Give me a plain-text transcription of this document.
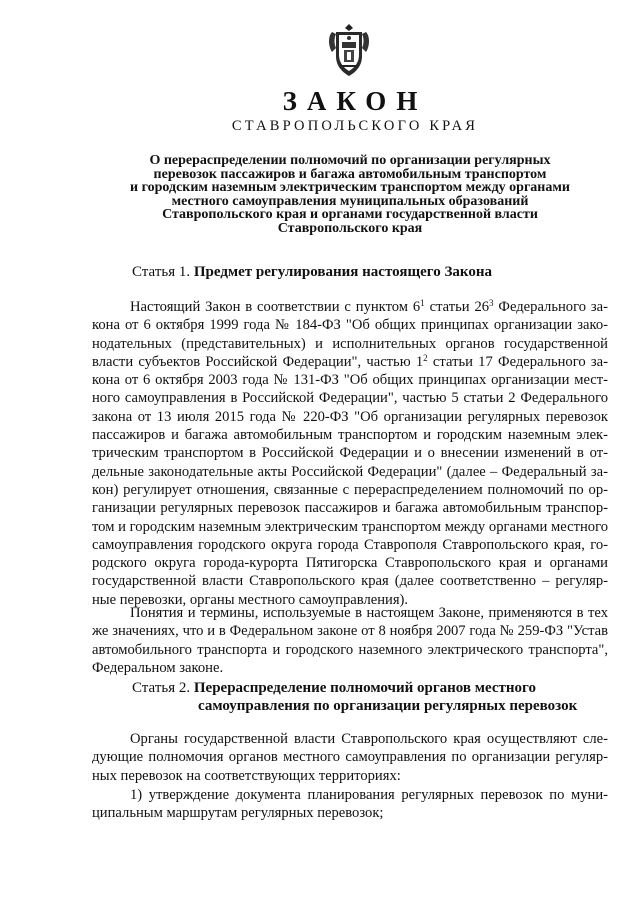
ЗАКОН
СТАВРОПОЛЬСКОГО КРАЯ
О перераспределении полномочий по организации регулярных
перевозок пассажиров и багажа автомобильным транспортом
и городским наземным электрическим транспортом между органами
местного самоуправления муниципальных образований
Ставропольского края и органами государственной власти
Ставропольского края
Статья 1. Предмет регулирования настоящего Закона
Настоящий Закон в соответствии с пунктом $6^1$ статьи $26^3$ Федерального за-
кона от 6 октября 1999 года № 184-ФЗ "Об общих принципах организации зако-
нодательных (представительных) и исполнительных органов государственной
власти субъектов Российской Федерации", частью $1^2$ статьи 17 Федерального за-
кона от 6 октября 2003 года № 131-ФЗ "Об общих принципах организации мест-
ного самоуправления в Российской Федерации", частью 5 статьи 2 Федерального
закона от 13 июля 2015 года № 220-ФЗ "Об организации регулярных перевозок
пассажиров и багажа автомобильным транспортом и городским наземным элек-
трическим транспортом в Российской Федерации и о внесении изменений в от-
дельные законодательные акты Российской Федерации" (далее – Федеральный за-
кон) регулирует отношения, связанные с перераспределением полномочий по ор-
ганизации регулярных перевозок пассажиров и багажа автомобильным транспор-
том и городским наземным электрическим транспортом между органами местного
самоуправления городского округа города Ставрополя Ставропольского края, го-
родского округа города-курорта Пятигорска Ставропольского края и органами
государственной власти Ставропольского края (далее соответственно – регуляр-
ные перевозки, органы местного самоуправления).
Понятия и термины, используемые в настоящем Законе, применяются в тех
же значениях, что и в Федеральном законе от 8 ноября 2007 года № 259-ФЗ "Устав
автомобильного транспорта и городского наземного электрического транспорта",
Федеральном законе.
Статья 2. Перераспределение полномочий органов местного
самоуправления по организации регулярных перевозок
Органы государственной власти Ставропольского края осуществляют сле-
дующие полномочия органов местного самоуправления по организации регуляр-
ных перевозок на соответствующих территориях:
1) утверждение документа планирования регулярных перевозок по муни-
ципальным маршрутам регулярных перевозок;
